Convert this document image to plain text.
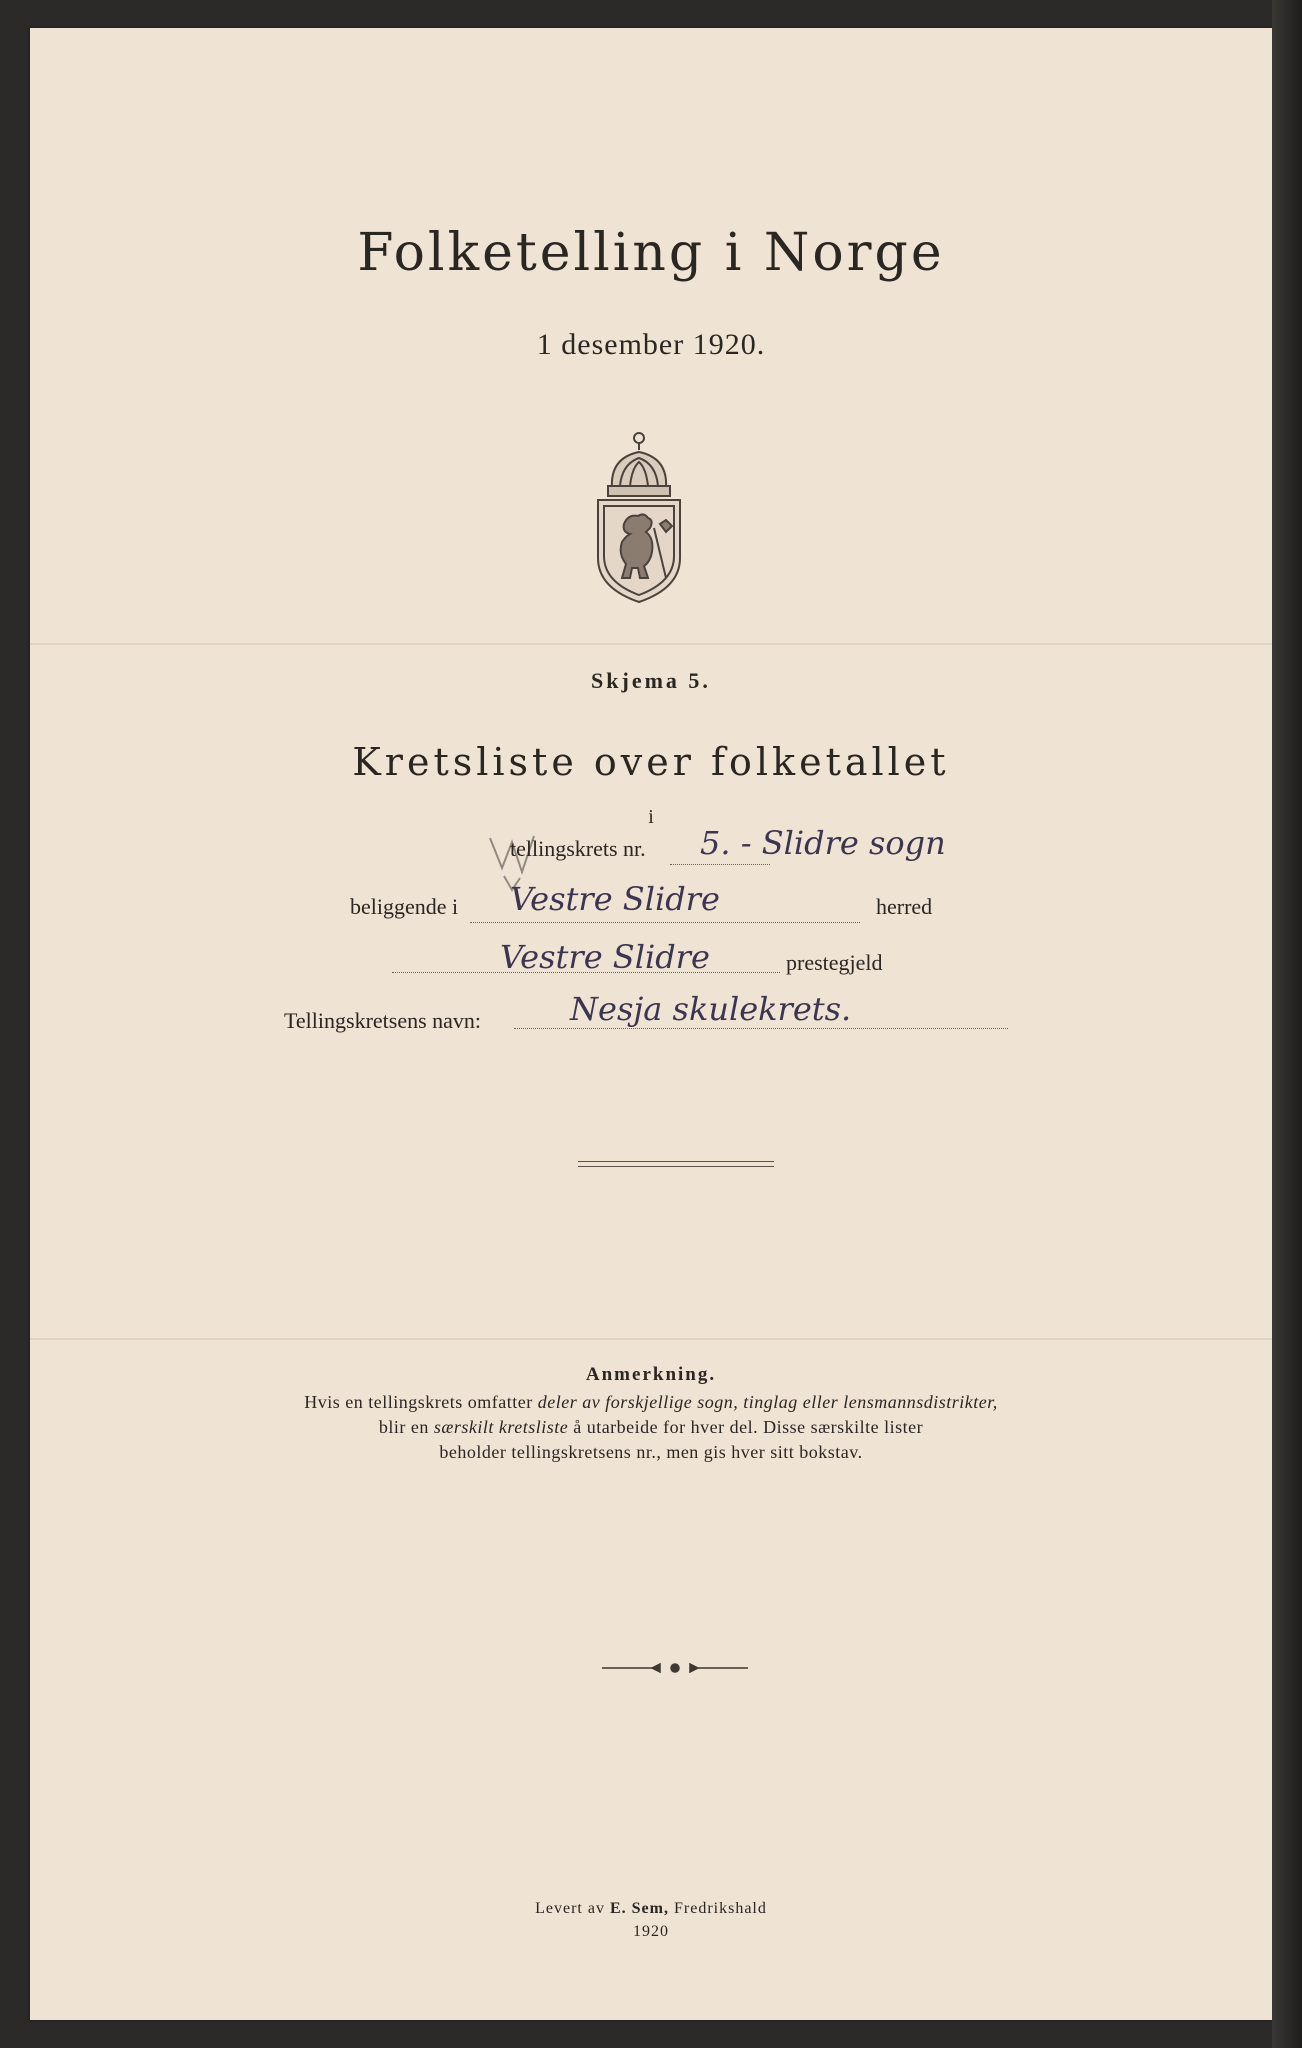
Folketelling i Norge
1 desember 1920.
Skjema 5.
Kretsliste over folketallet
i
tellingskrets nr. 5. - Slidre sogn
beliggende i Vestre Slidre	herred
Vestre Slidre	prestegjeld
Tellingskretsens navn:	Nesja skulekrets.
Anmerkning.
Hvis en tellingskrets omfatter deler av forskjellige sogn, tinglag eller lensmannsdistrikter,
blir en særskilt kretsliste å utarbeide for hver del. Disse særskilte lister
beholder tellingskretsens nr., men gis hver sitt bokstav.
Levert av E. Sem, Fredrikshald
1920
